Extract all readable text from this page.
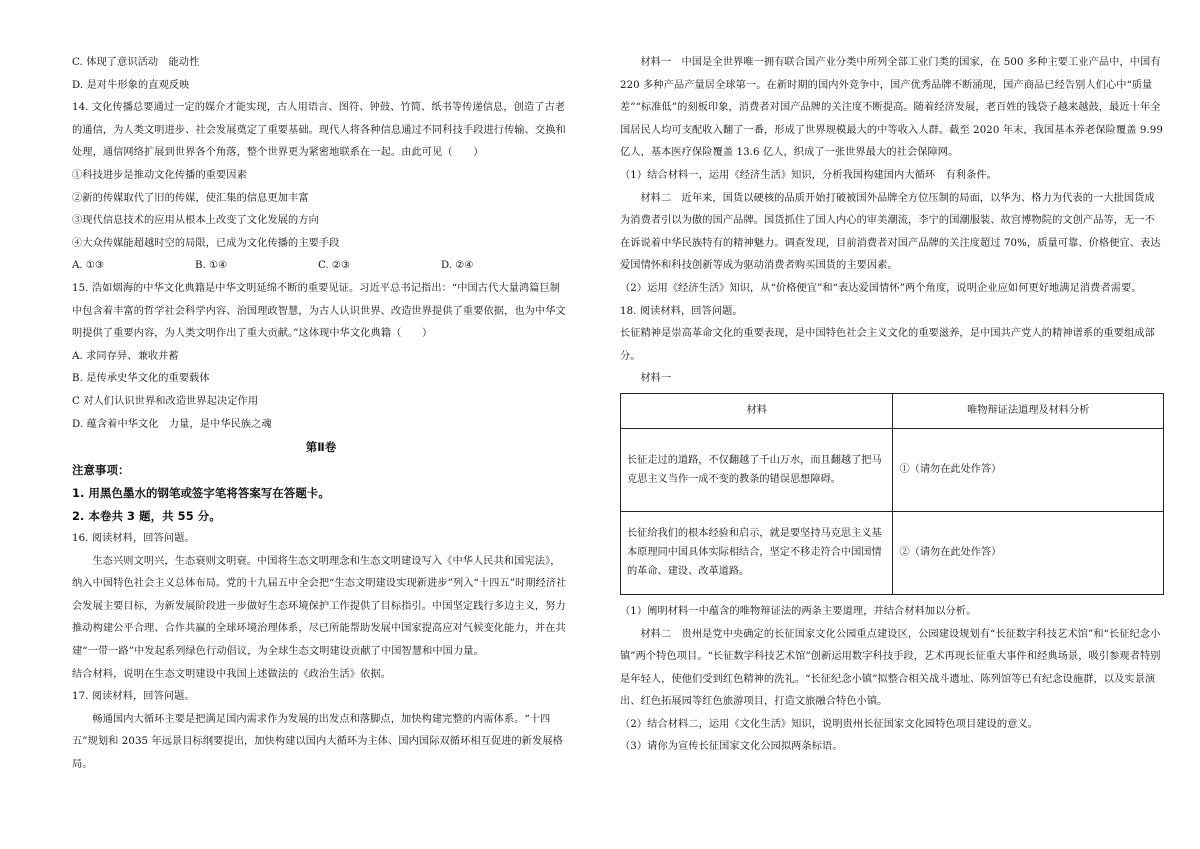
C. 体现了意识活动　能动性

D. 是对牛形象的直观反映

14. 文化传播总要通过一定的媒介才能实现，古人用语言、图符、钟鼓、竹简、纸书等传递信息，创造了古老的通信，为人类文明进步、社会发展奠定了重要基础。现代人将各种信息通过不同科技手段进行传输、交换和处理，通信网络扩展到世界各个角落，整个世界更为紧密地联系在一起。由此可见（　　）

①科技进步是推动文化传播的重要因素

②新的传媒取代了旧的传媒，使汇集的信息更加丰富

③现代信息技术的应用从根本上改变了文化发展的方向

④大众传媒能超越时空的局限，已成为文化传播的主要手段

A. ①③	B. ①④	C. ②③	D. ②④

15. 浩如烟海的中华文化典籍是中华文明延绵不断的重要见证。习近平总书记指出：“中国古代大量鸿篇巨制中包含着丰富的哲学社会科学内容、治国理政智慧，为古人认识世界、改造世界提供了重要依据，也为中华文明提供了重要内容，为人类文明作出了重大贡献。”这体现中华文化典籍（　　）

A. 求同存异、兼收并蓄

B. 是传承史华文化的重要载体

C 对人们认识世界和改造世界起决定作用

D. 蕴含着中华文化　力量，是中华民族之魂

第Ⅱ卷

注意事项：

1. 用黑色墨水的钢笔或签字笔将答案写在答题卡。

2. 本卷共 3 题，共 55 分。

16. 阅读材料，回答问题。

生态兴则文明兴，生态衰则文明衰。中国将生态文明理念和生态文明建设写入《中华人民共和国宪法》，纳入中国特色社会主义总体布局。党的十九届五中全会把“生态文明建设实现新进步”列入“十四五”时期经济社会发展主要目标，为新发展阶段进一步做好生态环境保护工作提供了目标指引。中国坚定践行多边主义，努力推动构建公平合理、合作共赢的全球环境治理体系，尽已所能帮助发展中国家提高应对气候变化能力，并在共建“一带一路”中发起系列绿色行动倡议，为全球生态文明建设贡献了中国智慧和中国力量。

结合材料，说明在生态文明建设中我国上述做法的《政治生活》依据。

17. 阅读材料，回答问题。

畅通国内大循环主要是把满足国内需求作为发展的出发点和落脚点，加快构建完整的内需体系。“十四五”规划和 2035 年远景目标纲要提出，加快构建以国内大循环为主体、国内国际双循环相互促进的新发展格局。

材料一　中国是全世界唯一拥有联合国产业分类中所列全部工业门类的国家，在 500 多种主要工业产品中，中国有 220 多种产品产量居全球第一。在新时期的国内外竞争中，国产优秀品牌不断涌现，国产商品已经告别人们心中“质量差”“标准低”的刻板印象，消费者对国产品牌的关注度不断提高。随着经济发展，老百姓的钱袋子越来越鼓，最近十年全国居民人均可支配收入翻了一番，形成了世界规模最大的中等收入人群。截至 2020 年末，我国基本养老保险覆盖 9.99 亿人，基本医疗保险覆盖 13.6 亿人，织成了一张世界最大的社会保障网。

（1）结合材料一，运用《经济生活》知识，分析我国构建国内大循环　有利条件。

材料二　近年来，国货以硬核的品质开始打破被国外品牌全方位压制的局面，以华为、格力为代表的一大批国货成为消费者引以为傲的国产品牌。国货抓住了国人内心的审美潮流，李宁的国潮服装、故宫博物院的文创产品等，无一不在诉说着中华民族特有的精神魅力。调查发现，目前消费者对国产品牌的关注度超过 70%，质量可靠、价格便宜、表达爱国情怀和科技创新等成为驱动消费者购买国货的主要因素。

（2）运用《经济生活》知识，从“价格便宜”和“表达爱国情怀”两个角度，说明企业应如何更好地满足消费者需要。

18. 阅读材料，回答问题。

长征精神是崇高革命文化的重要表现，是中国特色社会主义文化的重要滋养，是中国共产党人的精神谱系的重要组成部分。

材料一

材料	唯物辩证法道理及材料分析
长征走过的道路，不仅翻越了千山万水，而且翻越了把马克思主义当作一成不变的教条的错误思想障碍。	①（请勿在此处作答）
长征给我们的根本经验和启示，就是要坚持马克思主义基本原理同中国具体实际相结合，坚定不移走符合中国国情的革命、建设、改革道路。	②（请勿在此处作答）

（1）阐明材料一中蕴含的唯物辩证法的两条主要道理，并结合材料加以分析。

材料二　贵州是党中央确定的长征国家文化公园重点建设区，公园建设规划有“长征数字科技艺术馆”和“长征纪念小镇”两个特色项目。“长征数字科技艺术馆”创新运用数字科技手段，艺术再现长征重大事件和经典场景，吸引参观者特别是年轻人，使他们受到红色精神的洗礼。“长征纪念小镇”拟整合相关战斗遗址、陈列馆等已有纪念设施群，以及实景演出、红色拓展园等红色旅游项目，打造文旅融合特色小镇。

（2）结合材料二，运用《文化生活》知识，说明贵州长征国家文化园特色项目建设的意义。

（3）请你为宣传长征国家文化公园拟两条标语。
